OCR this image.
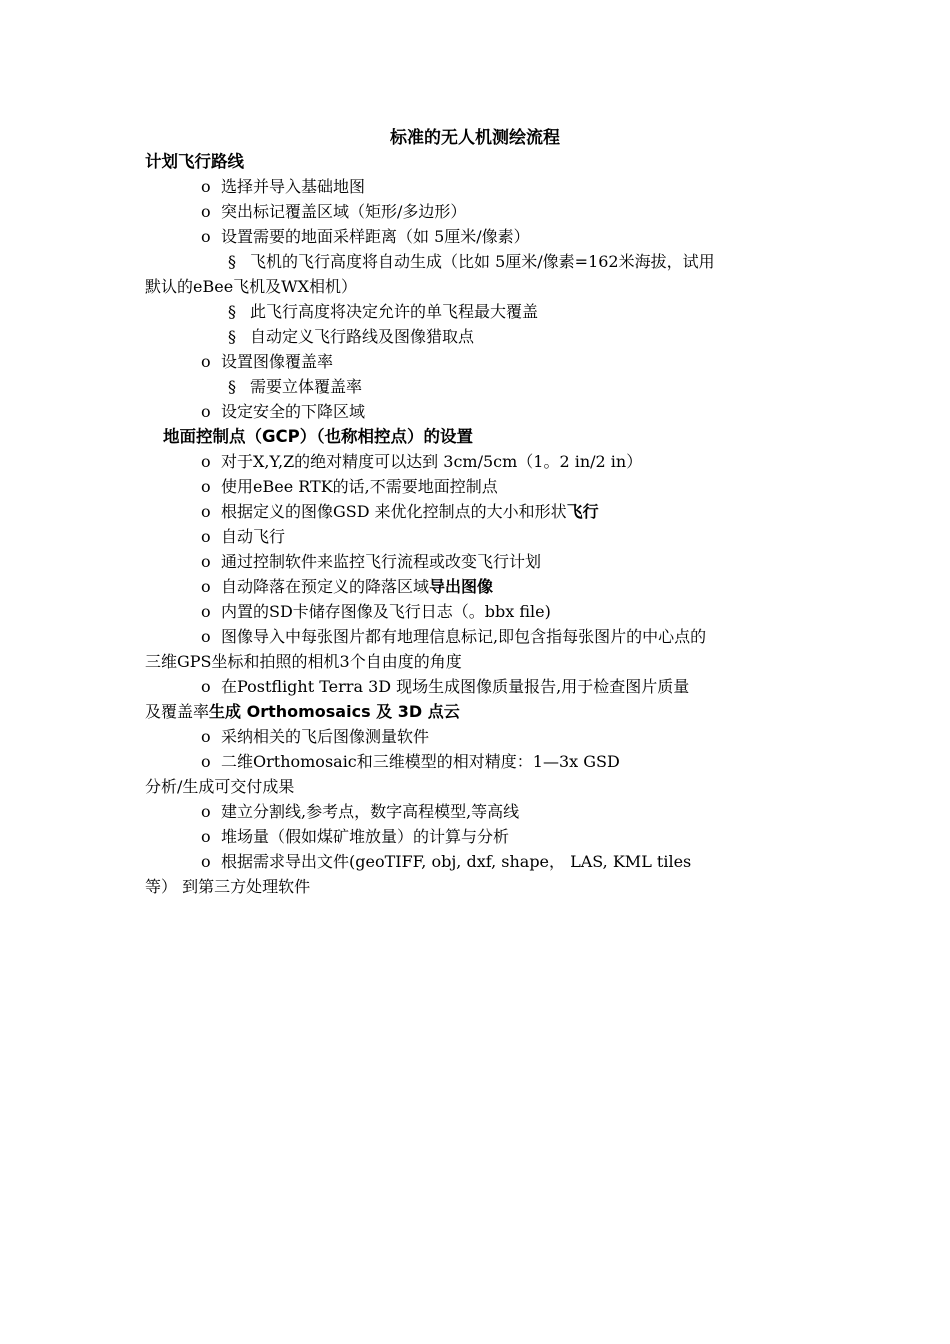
标准的无人机测绘流程
计划飞行路线
o 选择并导入基础地图
o 突出标记覆盖区域（矩形/多边形）
o 设置需要的地面采样距离（如 5厘米/像素）
§ 飞机的飞行高度将自动生成（比如 5厘米/像素=162米海拔，试用
默认的eBee飞机及WX相机）
§ 此飞行高度将决定允许的单飞程最大覆盖
§ 自动定义飞行路线及图像猎取点
o 设置图像覆盖率
§ 需要立体覆盖率
o 设定安全的下降区域
地面控制点（GCP）（也称相控点）的设置
o 对于X,Y,Z的绝对精度可以达到 3cm/5cm（1。2 in/2 in）
o 使用eBee RTK的话,不需要地面控制点
o 根据定义的图像GSD 来优化控制点的大小和形状飞行
o 自动飞行
o 通过控制软件来监控飞行流程或改变飞行计划
o 自动降落在预定义的降落区域导出图像
o 内置的SD卡储存图像及飞行日志（。bbx file)
o 图像导入中每张图片都有地理信息标记,即包含指每张图片的中心点的
三维GPS坐标和拍照的相机3个自由度的角度
o 在Postflight Terra 3D 现场生成图像质量报告,用于检查图片质量
及覆盖率生成 Orthomosaics 及 3D 点云
o 采纳相关的飞后图像测量软件
o 二维Orthomosaic和三维模型的相对精度：1—3x GSD
分析/生成可交付成果
o 建立分割线,参考点，数字高程模型,等高线
o 堆场量（假如煤矿堆放量）的计算与分析
o 根据需求导出文件(geoTIFF, obj, dxf, shape， LAS, KML tiles
等） 到第三方处理软件
